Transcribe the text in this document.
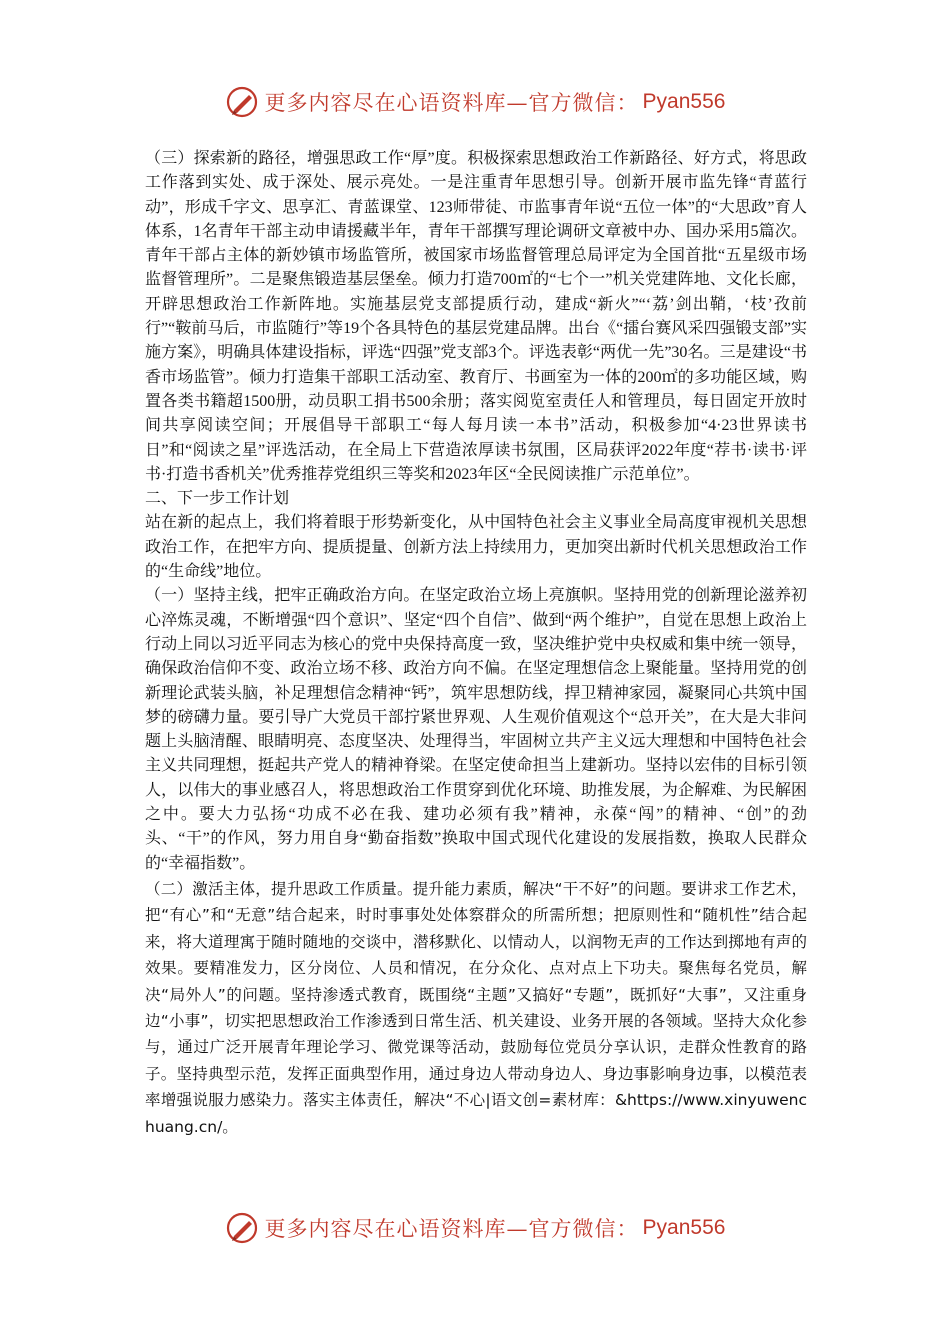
更多内容尽在心语资料库—官方微信： Pyan556

（三）探索新的路径，增强思政工作“厚”度。积极探索思想政治工作新路径、好方式，将思政工作落到实处、成于深处、展示亮处。一是注重青年思想引导。创新开展市监先锋“青蓝行动”，形成千字文、思享汇、青蓝课堂、123师带徒、市监事青年说“五位一体”的“大思政”育人体系，1名青年干部主动申请援藏半年，青年干部撰写理论调研文章被中办、国办采用5篇次。青年干部占主体的新妙镇市场监管所，被国家市场监督管理总局评定为全国首批“五星级市场监督管理所”。二是聚焦锻造基层堡垒。倾力打造700㎡的“七个一”机关党建阵地、文化长廊，开辟思想政治工作新阵地。实施基层党支部提质行动，建成“新火”“‘荔’剑出鞘，‘枝’孜前行”“鞍前马后，市监随行”等19个各具特色的基层党建品牌。出台《“擂台赛风采四强锻支部”实施方案》，明确具体建设指标，评选“四强”党支部3个。评选表彰“两优一先”30名。三是建设“书香市场监管”。倾力打造集干部职工活动室、教育厅、书画室为一体的200㎡的多功能区域，购置各类书籍超1500册，动员职工捐书500余册；落实阅览室责任人和管理员，每日固定开放时间共享阅读空间；开展倡导干部职工“每人每月读一本书”活动，积极参加“4·23世界读书日”和“阅读之星”评选活动，在全局上下营造浓厚读书氛围，区局获评2022年度“荐书·读书·评书·打造书香机关”优秀推荐党组织三等奖和2023年区“全民阅读推广示范单位”。

二、下一步工作计划

站在新的起点上，我们将着眼于形势新变化，从中国特色社会主义事业全局高度审视机关思想政治工作，在把牢方向、提质提量、创新方法上持续用力，更加突出新时代机关思想政治工作的“生命线”地位。

（一）坚持主线，把牢正确政治方向。在坚定政治立场上亮旗帜。坚持用党的创新理论滋养初心淬炼灵魂，不断增强“四个意识”、坚定“四个自信”、做到“两个维护”，自觉在思想上政治上行动上同以习近平同志为核心的党中央保持高度一致，坚决维护党中央权威和集中统一领导，确保政治信仰不变、政治立场不移、政治方向不偏。在坚定理想信念上聚能量。坚持用党的创新理论武装头脑，补足理想信念精神“钙”，筑牢思想防线，捍卫精神家园，凝聚同心共筑中国梦的磅礴力量。要引导广大党员干部拧紧世界观、人生观价值观这个“总开关”，在大是大非问题上头脑清醒、眼睛明亮、态度坚决、处理得当，牢固树立共产主义远大理想和中国特色社会主义共同理想，挺起共产党人的精神脊梁。在坚定使命担当上建新功。坚持以宏伟的目标引领人，以伟大的事业感召人，将思想政治工作贯穿到优化环境、助推发展，为企解难、为民解困之中。要大力弘扬“功成不必在我、建功必须有我”精神，永葆“闯”的精神、“创”的劲头、“干”的作风，努力用自身“勤奋指数”换取中国式现代化建设的发展指数，换取人民群众的“幸福指数”。

（二）激活主体，提升思政工作质量。提升能力素质，解决“干不好”的问题。要讲求工作艺术，把“有心”和“无意”结合起来，时时事事处处体察群众的所需所想；把原则性和“随机性”结合起来，将大道理寓于随时随地的交谈中，潜移默化、以情动人，以润物无声的工作达到掷地有声的效果。要精准发力，区分岗位、人员和情况，在分众化、点对点上下功夫。聚焦每名党员，解决“局外人”的问题。坚持渗透式教育，既围绕“主题”又搞好“专题”，既抓好“大事”，又注重身边“小事”，切实把思想政治工作渗透到日常生活、机关建设、业务开展的各领域。坚持大众化参与，通过广泛开展青年理论学习、微党课等活动，鼓励每位党员分享认识，走群众性教育的路子。坚持典型示范，发挥正面典型作用，通过身边人带动身边人、身边事影响身边事，以模范表率增强说服力感染力。落实主体责任，解决“不心|语文创=素材库：&https://www.xinyuwenchuang.cn/。

更多内容尽在心语资料库—官方微信： Pyan556
